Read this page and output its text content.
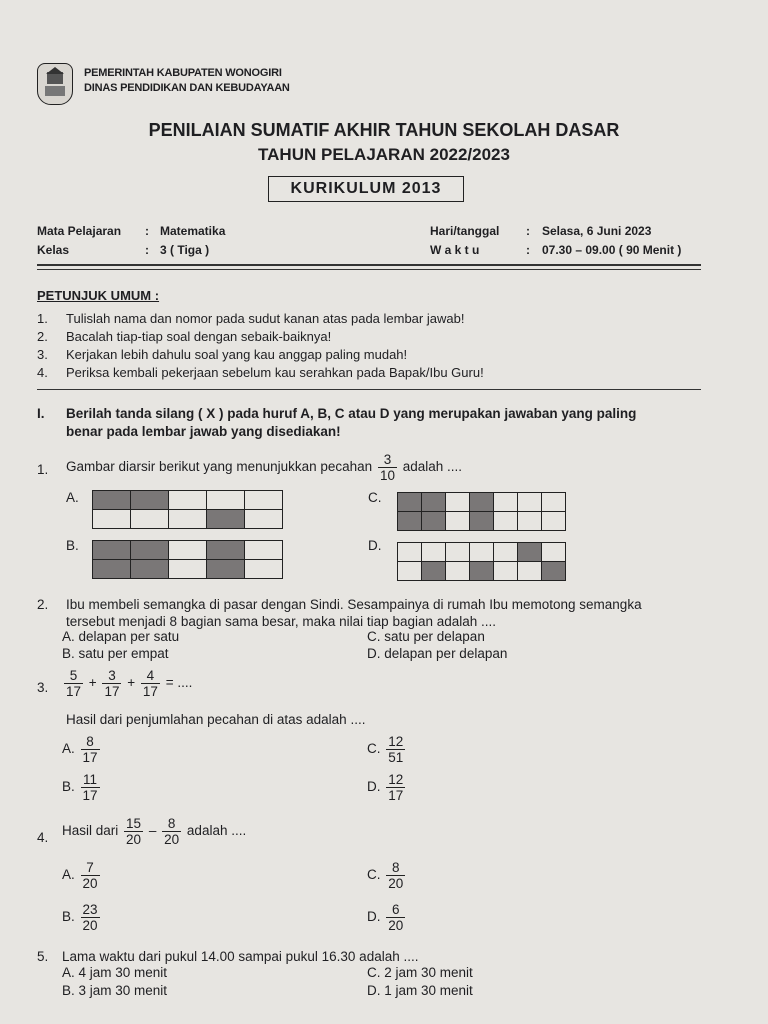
PEMERINTAH KABUPATEN WONOGIRI
DINAS PENDIDIKAN DAN KEBUDAYAAN
PENILAIAN SUMATIF AKHIR TAHUN SEKOLAH DASAR
TAHUN PELAJARAN 2022/2023
KURIKULUM 2013
Mata Pelajaran : Matematika
Kelas	: 3 ( Tiga )
Hari/tanggal : Selasa, 6 Juni 2023
W a k t u	: 07.30 – 09.00 ( 90 Menit )
PETUNJUK UMUM :
1. Tulislah nama dan nomor pada sudut kanan atas pada lembar jawab!
2. Bacalah tiap-tiap soal dengan sebaik-baiknya!
3. Kerjakan lebih dahulu soal yang kau anggap paling mudah!
4. Periksa kembali pekerjaan sebelum kau serahkan pada Bapak/Ibu Guru!
I. Berilah tanda silang ( X ) pada huruf A, B, C atau D yang merupakan jawaban yang paling
benar pada lembar jawab yang disediakan!
1. Gambar diarsir berikut yang menunjukkan pecahan $\frac{3}{10}$ adalah ....
A.

					C.

B.

					D.

2. Ibu membeli semangka di pasar dengan Sindi. Sesampainya di rumah Ibu memotong semangka
tersebut menjadi 8 bagian sama besar, maka nilai tiap bagian adalah ....
A. delapan per satu
B. satu per empat
C. satu per delapan
D. delapan per delapan
3. $\frac{5}{17} + \frac{3}{17} + \frac{4}{17}$ = ....
Hasil dari penjumlahan pecahan di atas adalah ....
A. $\frac{8}{17}$
B. $\frac{11}{17}$
C. $\frac{12}{51}$
D. $\frac{12}{17}$
4. Hasil dari $\frac{15}{20} - \frac{8}{20}$ adalah ....
A. $\frac{7}{20}$
B. $\frac{23}{20}$
C. $\frac{8}{20}$
D. $\frac{6}{20}$
5. Lama waktu dari pukul 14.00 sampai pukul 16.30 adalah ....
A. 4 jam 30 menit
B. 3 jam 30 menit
C. 2 jam 30 menit
D. 1 jam 30 menit
